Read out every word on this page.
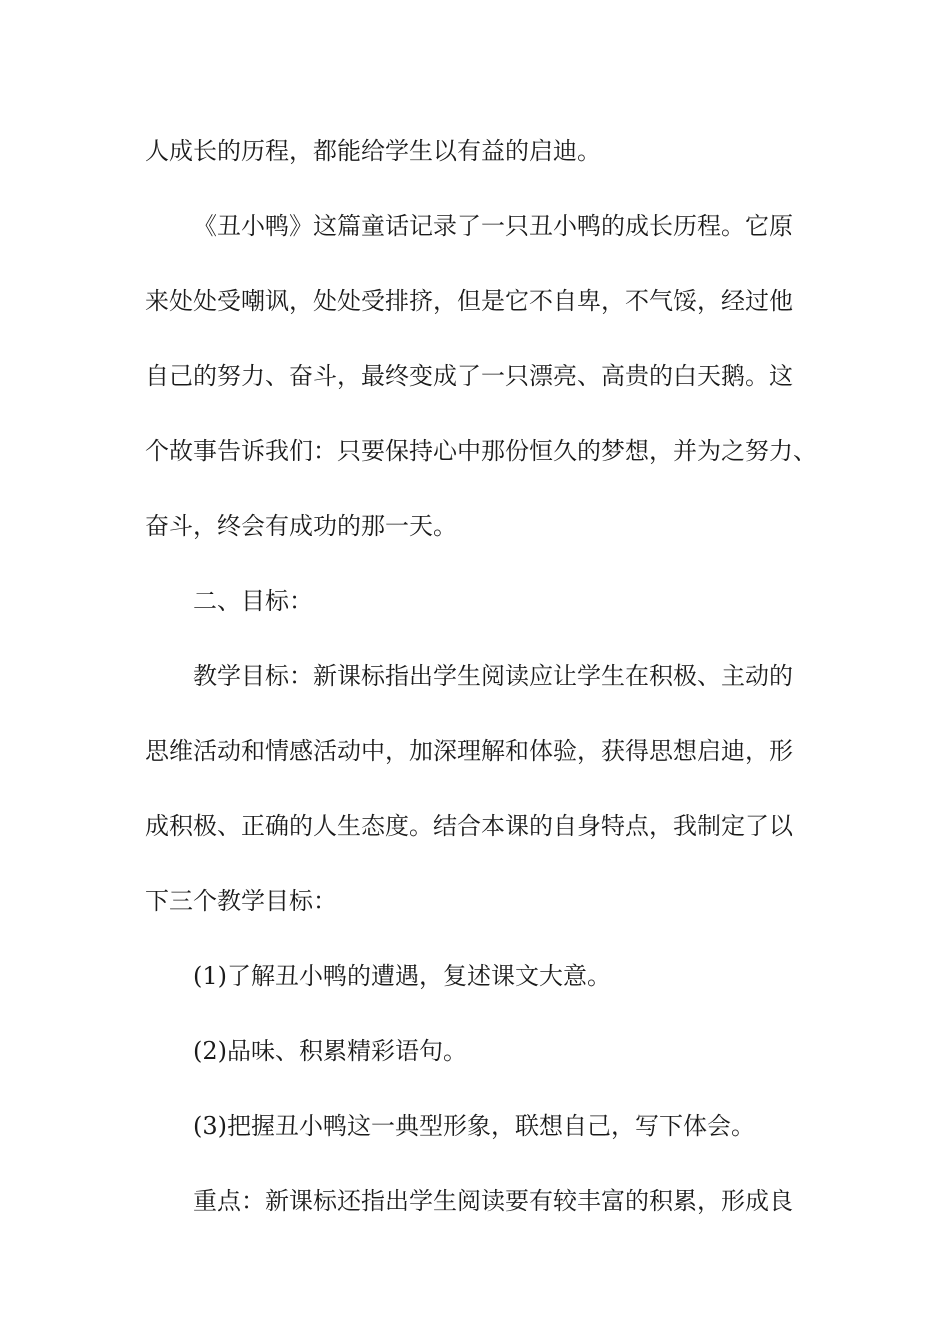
人成长的历程，都能给学生以有益的启迪。
《丑小鸭》这篇童话记录了一只丑小鸭的成长历程。它原
来处处受嘲讽，处处受排挤，但是它不自卑，不气馁，经过他
自己的努力、奋斗，最终变成了一只漂亮、高贵的白天鹅。这
个故事告诉我们：只要保持心中那份恒久的梦想，并为之努力、
奋斗，终会有成功的那一天。
二、目标：
教学目标：新课标指出学生阅读应让学生在积极、主动的
思维活动和情感活动中，加深理解和体验，获得思想启迪，形
成积极、正确的人生态度。结合本课的自身特点，我制定了以
下三个教学目标：
(1)了解丑小鸭的遭遇，复述课文大意。
(2)品味、积累精彩语句。
(3)把握丑小鸭这一典型形象，联想自己，写下体会。
重点：新课标还指出学生阅读要有较丰富的积累，形成良
